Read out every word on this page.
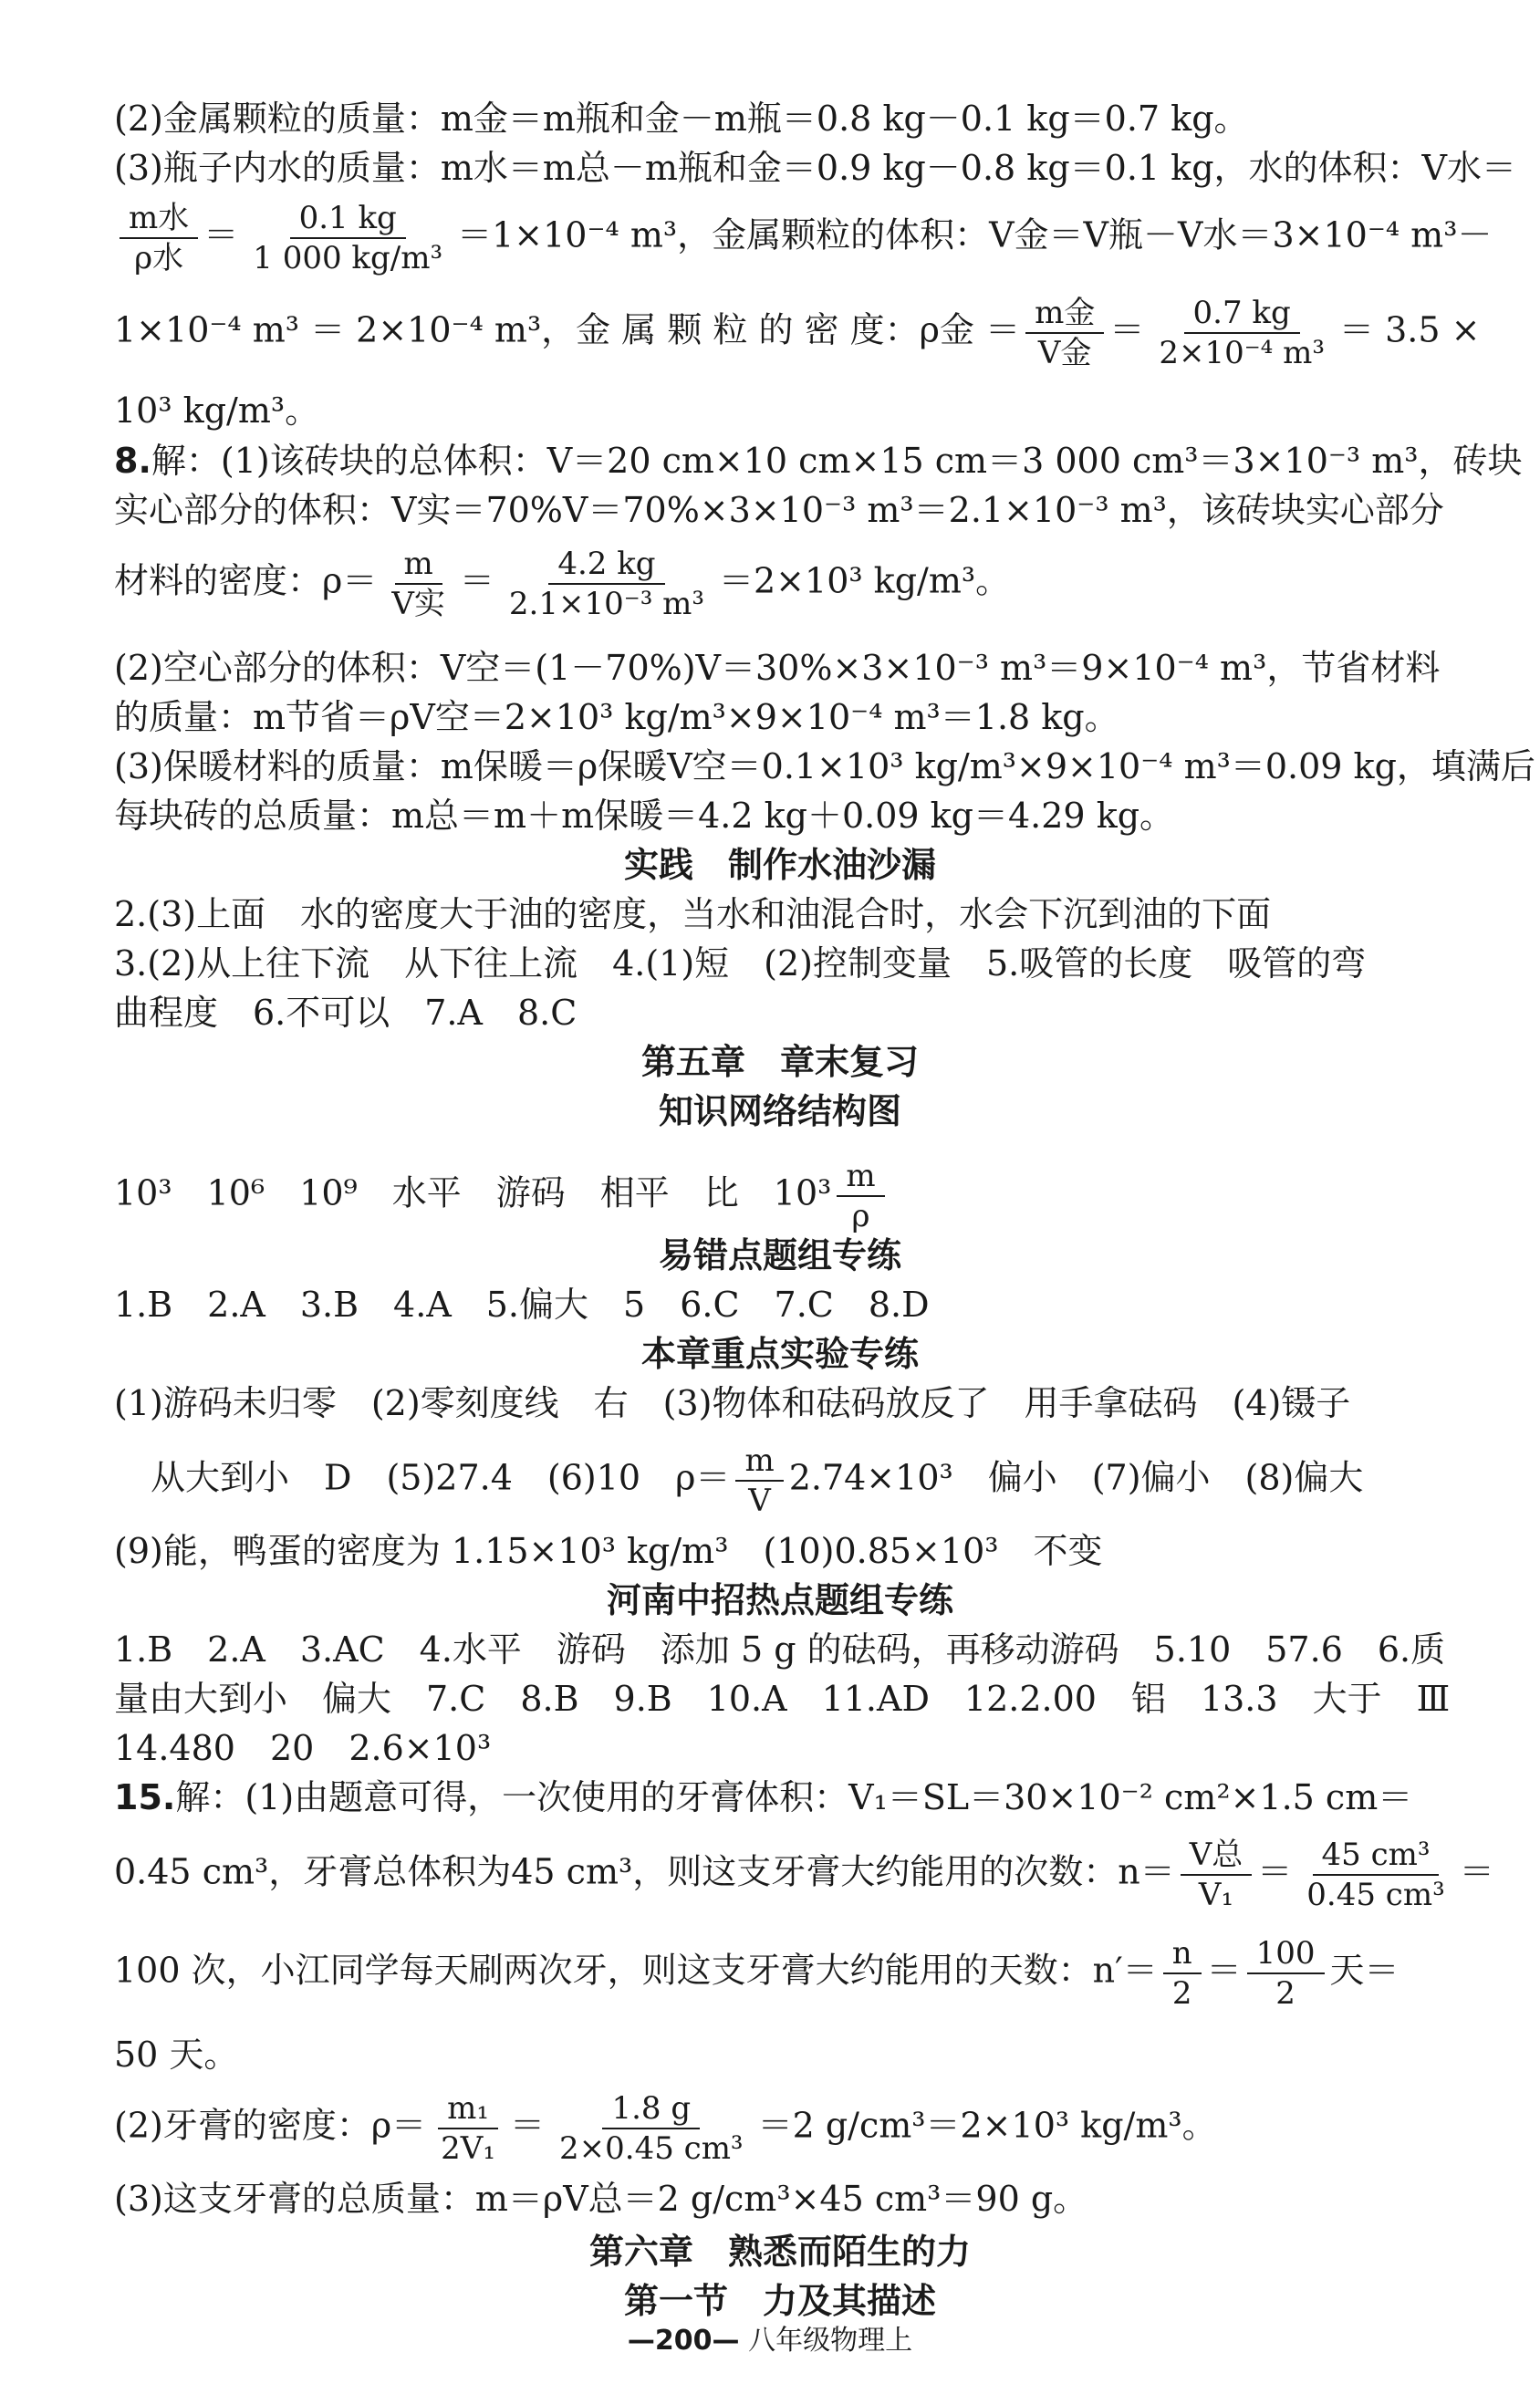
(2)金属颗粒的质量：m金＝m瓶和金－m瓶＝0.8 kg－0.1 kg＝0.7 kg。
(3)瓶子内水的质量：m水＝m总－m瓶和金＝0.9 kg－0.8 kg＝0.1 kg，水的体积：V水＝
$\frac{\text{m水}}{\text{ρ水}} = \frac{0.1 kg}{\text{1 000 kg/m³}} =1\times 10^{-4}$ m³，金属颗粒的体积：V金＝V瓶－V水＝3×10⁻⁴ m³－
1×10⁻⁴ m³ ＝ 2×10⁻⁴ m³，金 属 颗 粒 的 密 度：ρ金 ＝ $\frac{\text{m金}}{\text{V金}} = \frac{0.7 kg}{\text{2×10⁻⁴ m³}} = 3.5$ ×
10³ kg/m³。
8.解：(1)该砖块的总体积：V＝20 cm×10 cm×15 cm＝3 000 cm³＝3×10⁻³ m³，砖块
实心部分的体积：V实＝70%V＝70%×3×10⁻³ m³＝2.1×10⁻³ m³，该砖块实心部分
材料的密度：$\rho= \frac{m}{\text{V实}} = \frac{4.2 kg}{\text{2.1×10⁻³ m³}} =2\times 10^3$ kg/m³。
(2)空心部分的体积：V空＝(1－70%)V＝30%×3×10⁻³ m³＝9×10⁻⁴ m³，节省材料
的质量：m节省＝ρV空＝2×10³ kg/m³×9×10⁻⁴ m³＝1.8 kg。
(3)保暖材料的质量：m保暖＝ρ保暖V空＝0.1×10³ kg/m³×9×10⁻⁴ m³＝0.09 kg，填满后
每块砖的总质量：m总＝m＋m保暖＝4.2 kg＋0.09 kg＝4.29 kg。
实践　制作水油沙漏
2.(3)上面　水的密度大于油的密度，当水和油混合时，水会下沉到油的下面
3.(2)从上往下流　从下往上流　4.(1)短　(2)控制变量　5.吸管的长度　吸管的弯
曲程度　6.不可以　7.A　8.C
第五章　章末复习
知识网络结构图
10³　10⁶　10⁹　水平　游码　相平　比　$10^3 \frac{m}{\rho}$
易错点题组专练
1.B　2.A　3.B　4.A　5.偏大　5　6.C　7.C　8.D
本章重点实验专练
(1)游码未归零　(2)零刻度线　右　(3)物体和砝码放反了　用手拿砝码　(4)镊子
从大到小　D　(5)27.4　(6)10　$\rho= \frac{m}{V} 2.74\times 10^3$　偏小　(7)偏小　(8)偏大
(9)能，鸭蛋的密度为 1.15×10³ kg/m³　(10)0.85×10³　不变
河南中招热点题组专练
1.B　2.A　3.AC　4.水平　游码　添加 5 g 的砝码，再移动游码　5.10　57.6　6.质
量由大到小　偏大　7.C　8.B　9.B　10.A　11.AD　12.2.00　铝　13.3　大于　Ⅲ
14.480　20　2.6×10³
15.解：(1)由题意可得，一次使用的牙膏体积：V₁＝SL＝30×10⁻² cm²×1.5 cm＝
0.45 cm³，牙膏总体积为45 cm³，则这支牙膏大约能用的次数：$n= \frac{\text{V总}}{\text{V₁}} = \frac{\text{45 cm³}}{\text{0.45 cm³}}$ ＝
100 次，小江同学每天刷两次牙，则这支牙膏大约能用的天数：$n'= \frac{n}{2} = \frac{100}{2}$ 天＝
50 天。
(2)牙膏的密度：$\rho= \frac{\text{m₁}}{\text{2V₁}} = \frac{1.8 g}{\text{2×0.45 cm³}} =2$ g/cm³＝2×10³ kg/m³。
(3)这支牙膏的总质量：m＝ρV总＝2 g/cm³×45 cm³＝90 g。
第六章　熟悉而陌生的力
第一节　力及其描述
—200— 八年级物理上
